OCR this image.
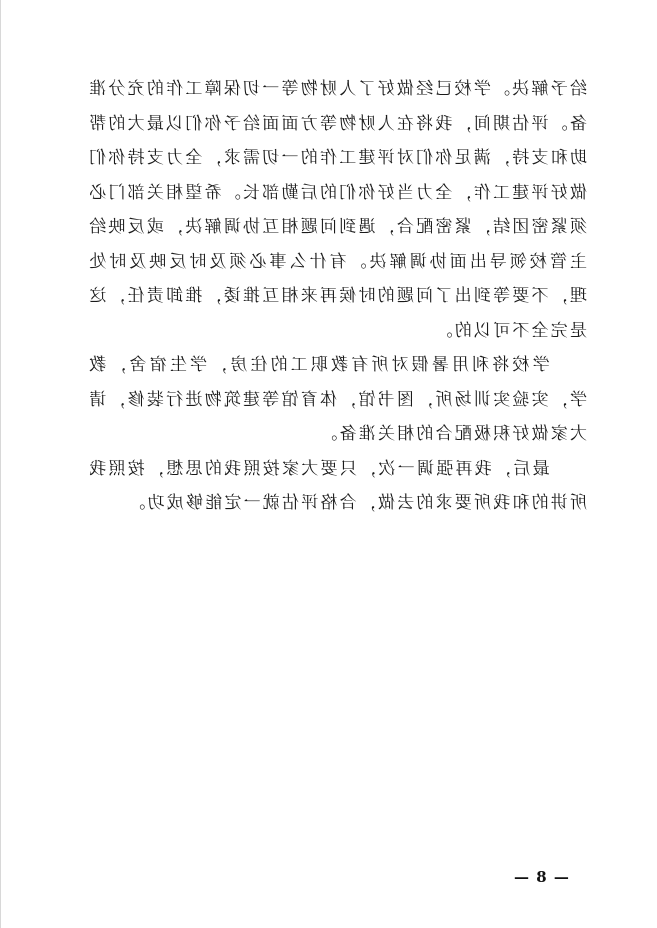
给予解决。学校已经做好了人财物等一切保障工作的充分准备。评估期间，我将在人财物等方面面给予你们以最大的帮助和支持，满足你们对评建工作的一切需求，全力支持你们做好评建工作，全力当好你们的后勤部长。希望相关部门必须紧密团结，紧密配合，遇到问题相互协调解决，或反映给主管校领导出面协调解决。有什么事必须及时反映及时处理，不要等到出了问题的时候再来相互推诿，推卸责任，这是完全不可以的。

学校将利用暑假对所有教职工的住房，学生宿舍，教学，实验实训场所，图书馆，体育馆等建筑物进行装修，请大家做好积极配合的相关准备。

最后，我再强调一次，只要大家按照我的思想，按照我所讲的和我所要求的去做，合格评估就一定能够成功。

— 8 —
